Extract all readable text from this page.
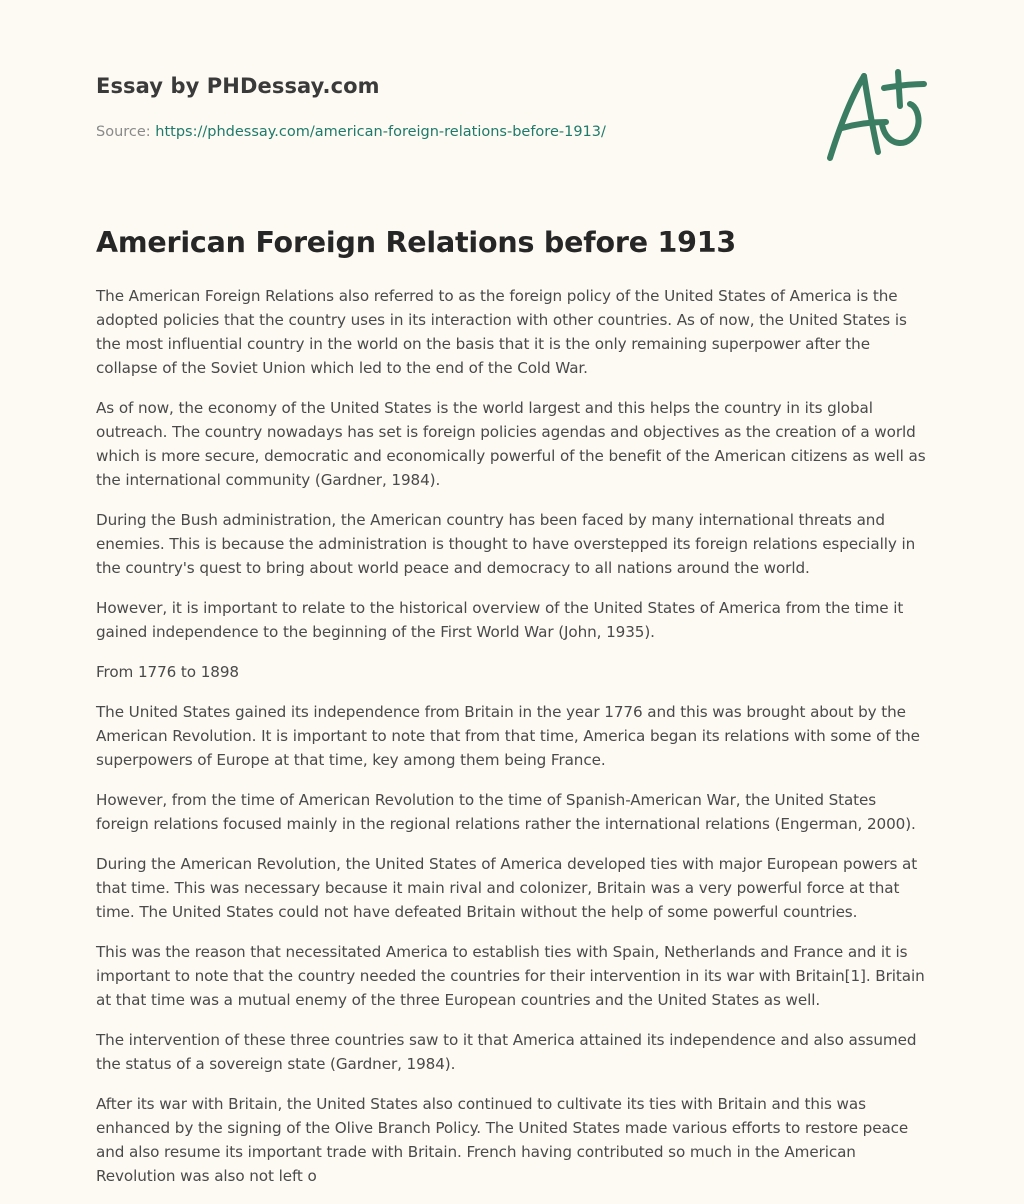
Essay by PHDessay.com
Source: https://phdessay.com/american-foreign-relations-before-1913/
American Foreign Relations before 1913

The American Foreign Relations also referred to as the foreign policy of the United States of America is the adopted policies that the country uses in its interaction with other countries. As of now, the United States is the most influential country in the world on the basis that it is the only remaining superpower after the collapse of the Soviet Union which led to the end of the Cold War.

As of now, the economy of the United States is the world largest and this helps the country in its global outreach. The country nowadays has set is foreign policies agendas and objectives as the creation of a world which is more secure, democratic and economically powerful of the benefit of the American citizens as well as the international community (Gardner, 1984).

During the Bush administration, the American country has been faced by many international threats and enemies. This is because the administration is thought to have overstepped its foreign relations especially in the country's quest to bring about world peace and democracy to all nations around the world.

However, it is important to relate to the historical overview of the United States of America from the time it gained independence to the beginning of the First World War (John, 1935).

From 1776 to 1898

The United States gained its independence from Britain in the year 1776 and this was brought about by the American Revolution. It is important to note that from that time, America began its relations with some of the superpowers of Europe at that time, key among them being France.

However, from the time of American Revolution to the time of Spanish-American War, the United States foreign relations focused mainly in the regional relations rather the international relations (Engerman, 2000).

During the American Revolution, the United States of America developed ties with major European powers at that time. This was necessary because it main rival and colonizer, Britain was a very powerful force at that time. The United States could not have defeated Britain without the help of some powerful countries.

This was the reason that necessitated America to establish ties with Spain, Netherlands and France and it is important to note that the country needed the countries for their intervention in its war with Britain[1]. Britain at that time was a mutual enemy of the three European countries and the United States as well.

The intervention of these three countries saw to it that America attained its independence and also assumed the status of a sovereign state (Gardner, 1984).

After its war with Britain, the United States also continued to cultivate its ties with Britain and this was enhanced by the signing of the Olive Branch Policy. The United States made various efforts to restore peace and also resume its important trade with Britain. French having contributed so much in the American Revolution was also not left o
